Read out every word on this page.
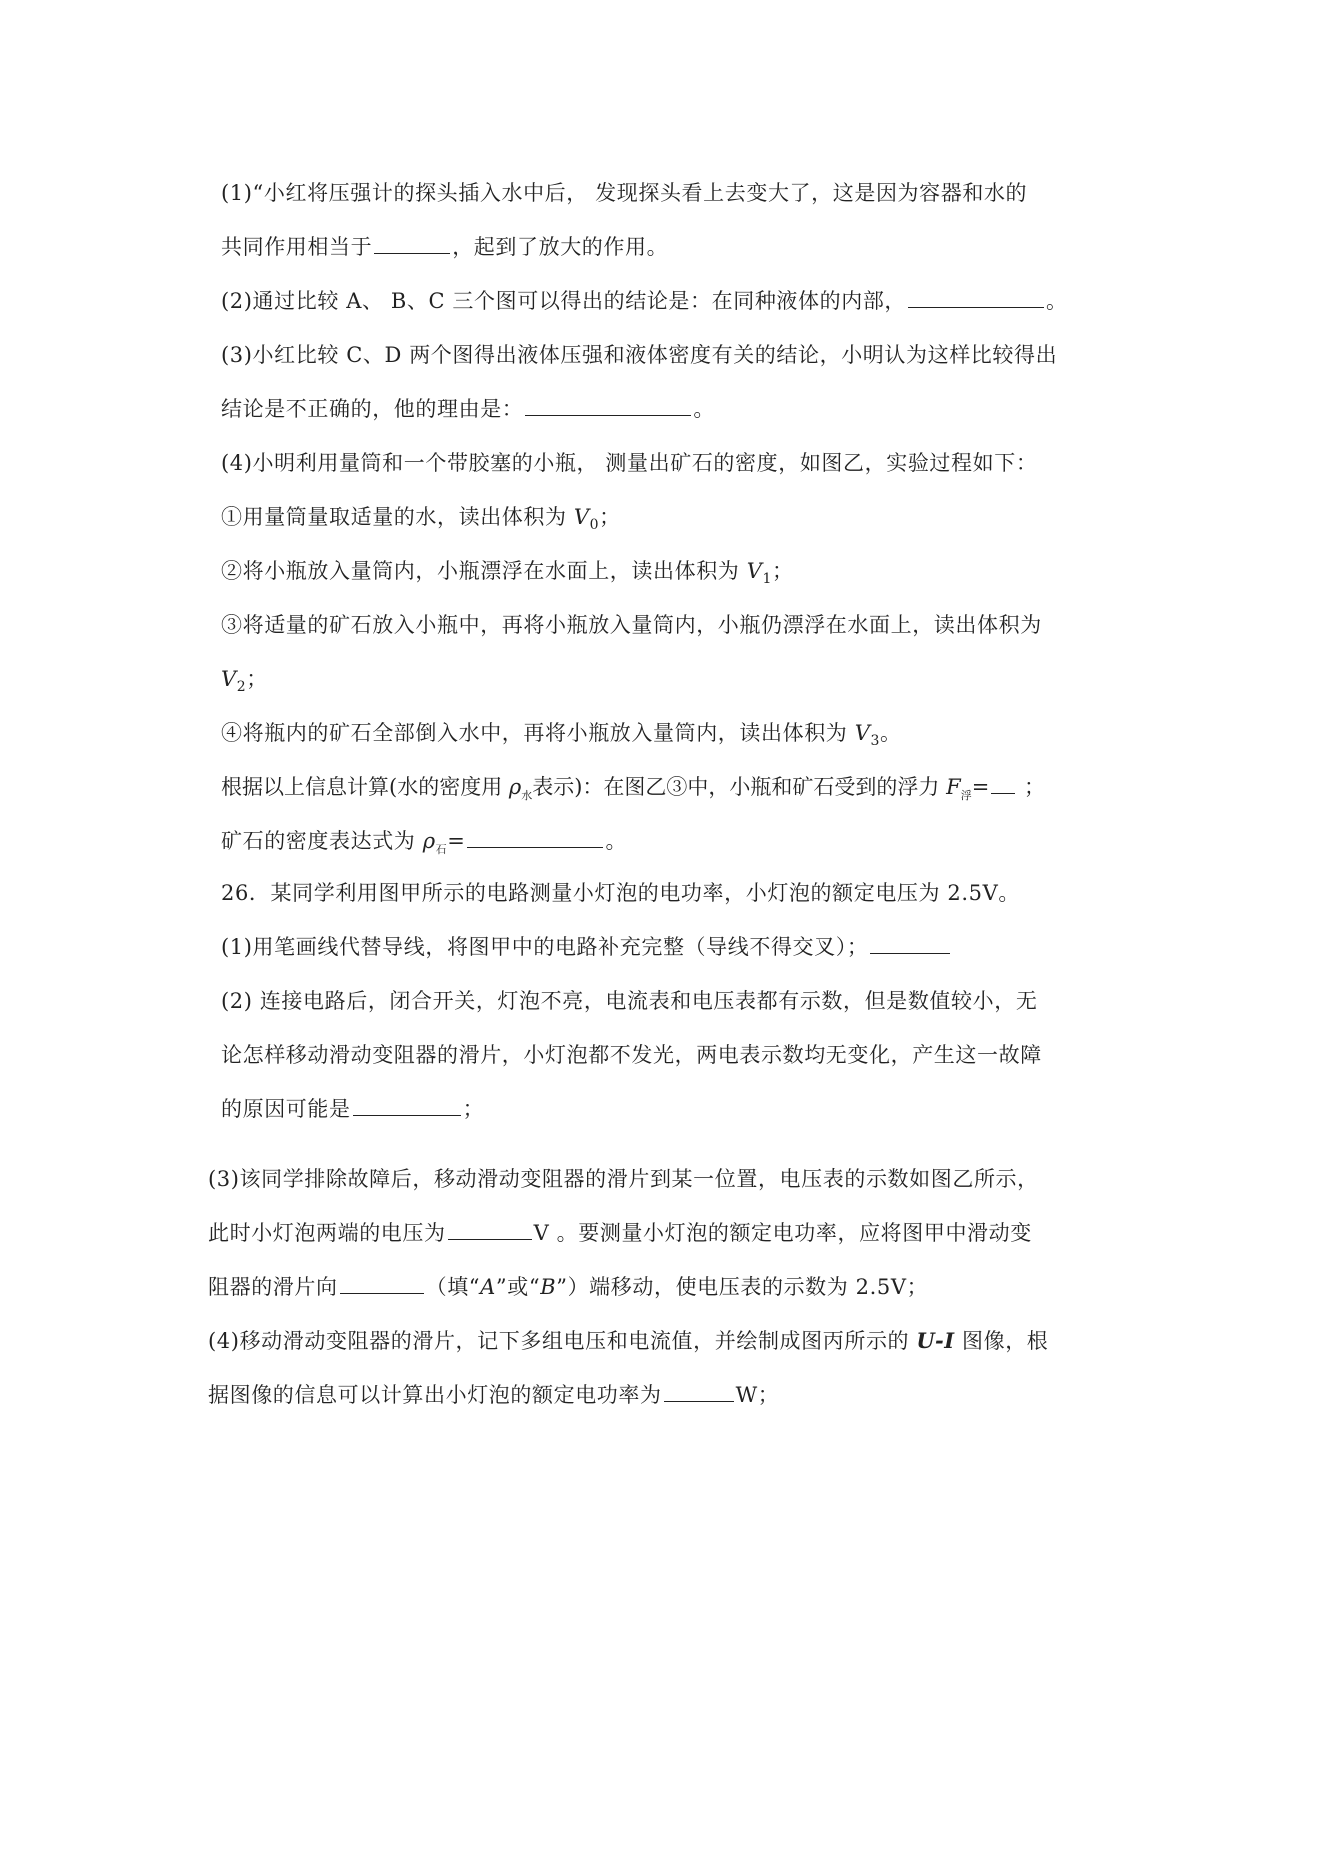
(1)“小红将压强计的探头插入水中后， 发现探头看上去变大了，这是因为容器和水的
共同作用相当于	，起到了放大的作用。
(2)通过比较 A、 B、C 三个图可以得出的结论是：在同种液体的内部，	。
(3)小红比较 C、D 两个图得出液体压强和液体密度有关的结论，小明认为这样比较得出
结论是不正确的，他的理由是：	。
(4)小明利用量筒和一个带胶塞的小瓶， 测量出矿石的密度，如图乙，实验过程如下：
①用量筒量取适量的水，读出体积为 $V_0$；
②将小瓶放入量筒内，小瓶漂浮在水面上，读出体积为 $V_1$；
③将适量的矿石放入小瓶中，再将小瓶放入量筒内，小瓶仍漂浮在水面上，读出体积为
$V_2$；
④将瓶内的矿石全部倒入水中，再将小瓶放入量筒内，读出体积为 $V_3$。
根据以上信息计算(水的密度用 $\rho_水$表示)：在图乙③中，小瓶和矿石受到的浮力 $F_浮=$ ；
矿石的密度表达式为 $\rho_石=$	。
26．某同学利用图甲所示的电路测量小灯泡的电功率，小灯泡的额定电压为 2.5V。
(1)用笔画线代替导线，将图甲中的电路补充完整（导线不得交叉）；
(2) 连接电路后，闭合开关，灯泡不亮，电流表和电压表都有示数，但是数值较小，无
论怎样移动滑动变阻器的滑片，小灯泡都不发光，两电表示数均无变化，产生这一故障
的原因可能是	；
(3)该同学排除故障后，移动滑动变阻器的滑片到某一位置，电压表的示数如图乙所示，
此时小灯泡两端的电压为	V 。要测量小灯泡的额定电功率，应将图甲中滑动变
阻器的滑片向	（填“A”或“B”）端移动，使电压表的示数为 2.5V；
(4)移动滑动变阻器的滑片，记下多组电压和电流值，并绘制成图丙所示的 U-I 图像，根
据图像的信息可以计算出小灯泡的额定电功率为	W；
